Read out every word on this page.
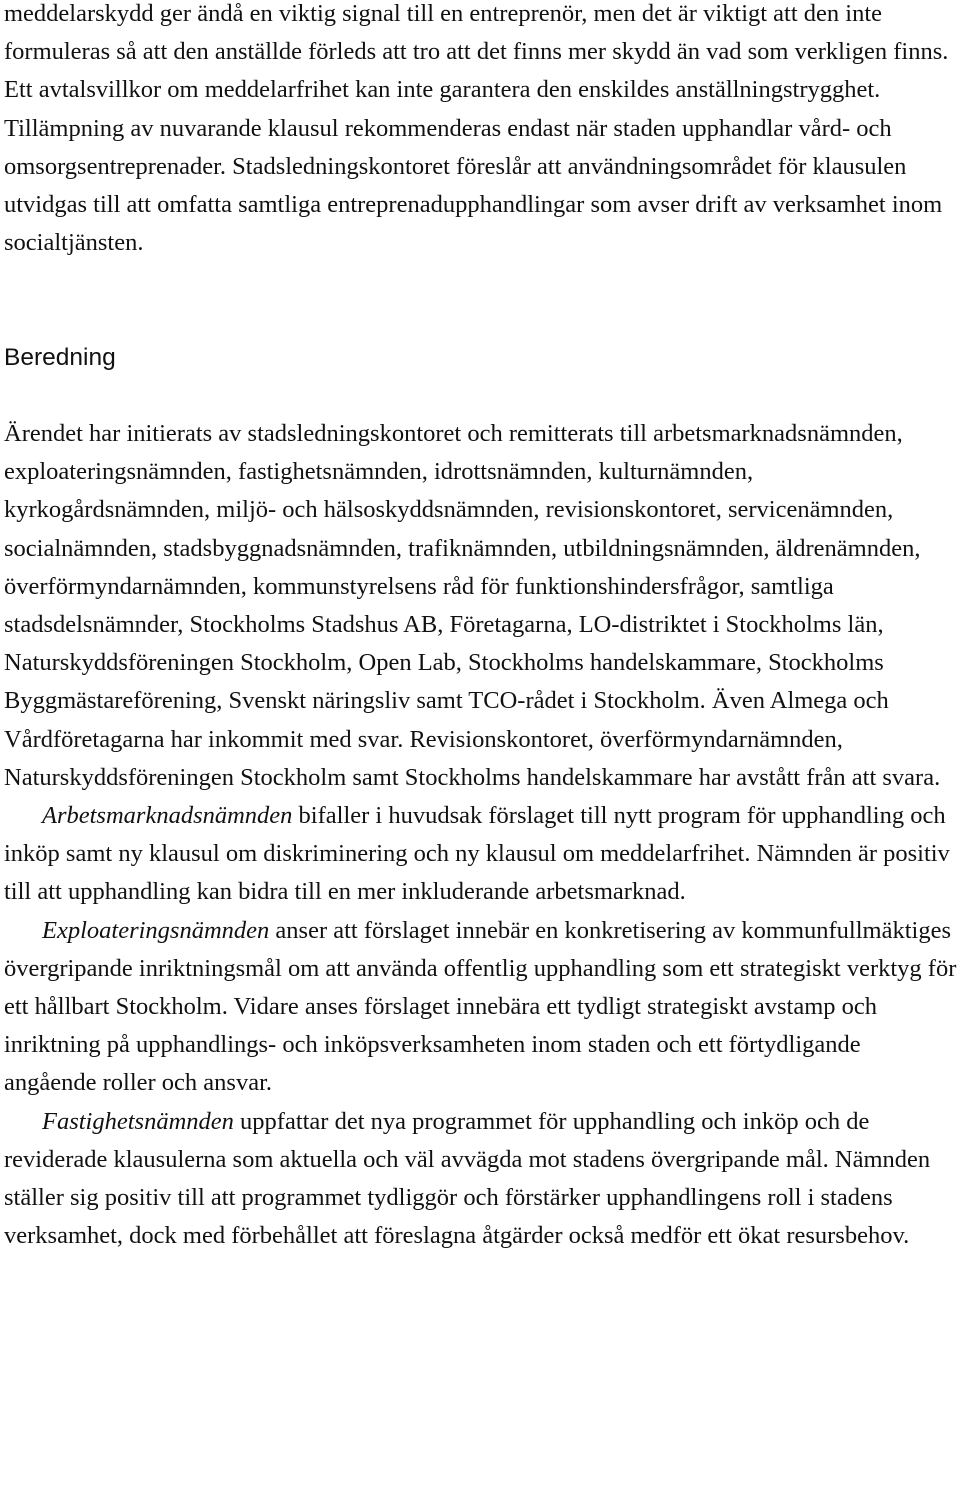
meddelarskydd ger ändå en viktig signal till en entreprenör, men det är viktigt att den inte formuleras så att den anställde förleds att tro att det finns mer skydd än vad som verkligen finns. Ett avtalsvillkor om meddelarfrihet kan inte garantera den enskildes anställningstrygghet. Tillämpning av nuvarande klausul rekommenderas endast när staden upphandlar vård- och omsorgsentreprenader. Stadsledningskontoret föreslår att användningsområdet för klausulen utvidgas till att omfatta samtliga entreprenadupphandlingar som avser drift av verksamhet inom socialtjänsten.

Beredning

Ärendet har initierats av stadsledningskontoret och remitterats till arbetsmarknadsnämnden, exploateringsnämnden, fastighetsnämnden, idrottsnämnden, kulturnämnden, kyrkogårdsnämnden, miljö- och hälsoskyddsnämnden, revisionskontoret, servicenämnden, socialnämnden, stadsbyggnadsnämnden, trafiknämnden, utbildningsnämnden, äldrenämnden, överförmyndarnämnden, kommunstyrelsens råd för funktionshindersfrågor, samtliga stadsdelsnämnder, Stockholms Stadshus AB, Företagarna, LO-distriktet i Stockholms län, Naturskyddsföreningen Stockholm, Open Lab, Stockholms handelskammare, Stockholms Byggmästareförening, Svenskt näringsliv samt TCO-rådet i Stockholm. Även Almega och Vårdföretagarna har inkommit med svar. Revisionskontoret, överförmyndarnämnden, Naturskyddsföreningen Stockholm samt Stockholms handelskammare har avstått från att svara.

Arbetsmarknadsnämnden bifaller i huvudsak förslaget till nytt program för upphandling och inköp samt ny klausul om diskriminering och ny klausul om meddelarfrihet. Nämnden är positiv till att upphandling kan bidra till en mer inkluderande arbetsmarknad.

Exploateringsnämnden anser att förslaget innebär en konkretisering av kommunfullmäktiges övergripande inriktningsmål om att använda offentlig upphandling som ett strategiskt verktyg för ett hållbart Stockholm. Vidare anses förslaget innebära ett tydligt strategiskt avstamp och inriktning på upphandlings- och inköpsverksamheten inom staden och ett förtydligande angående roller och ansvar.

Fastighetsnämnden uppfattar det nya programmet för upphandling och inköp och de reviderade klausulerna som aktuella och väl avvägda mot stadens övergripande mål. Nämnden ställer sig positiv till att programmet tydliggör och förstärker upphandlingens roll i stadens verksamhet, dock med förbehållet att föreslagna åtgärder också medför ett ökat resursbehov.
